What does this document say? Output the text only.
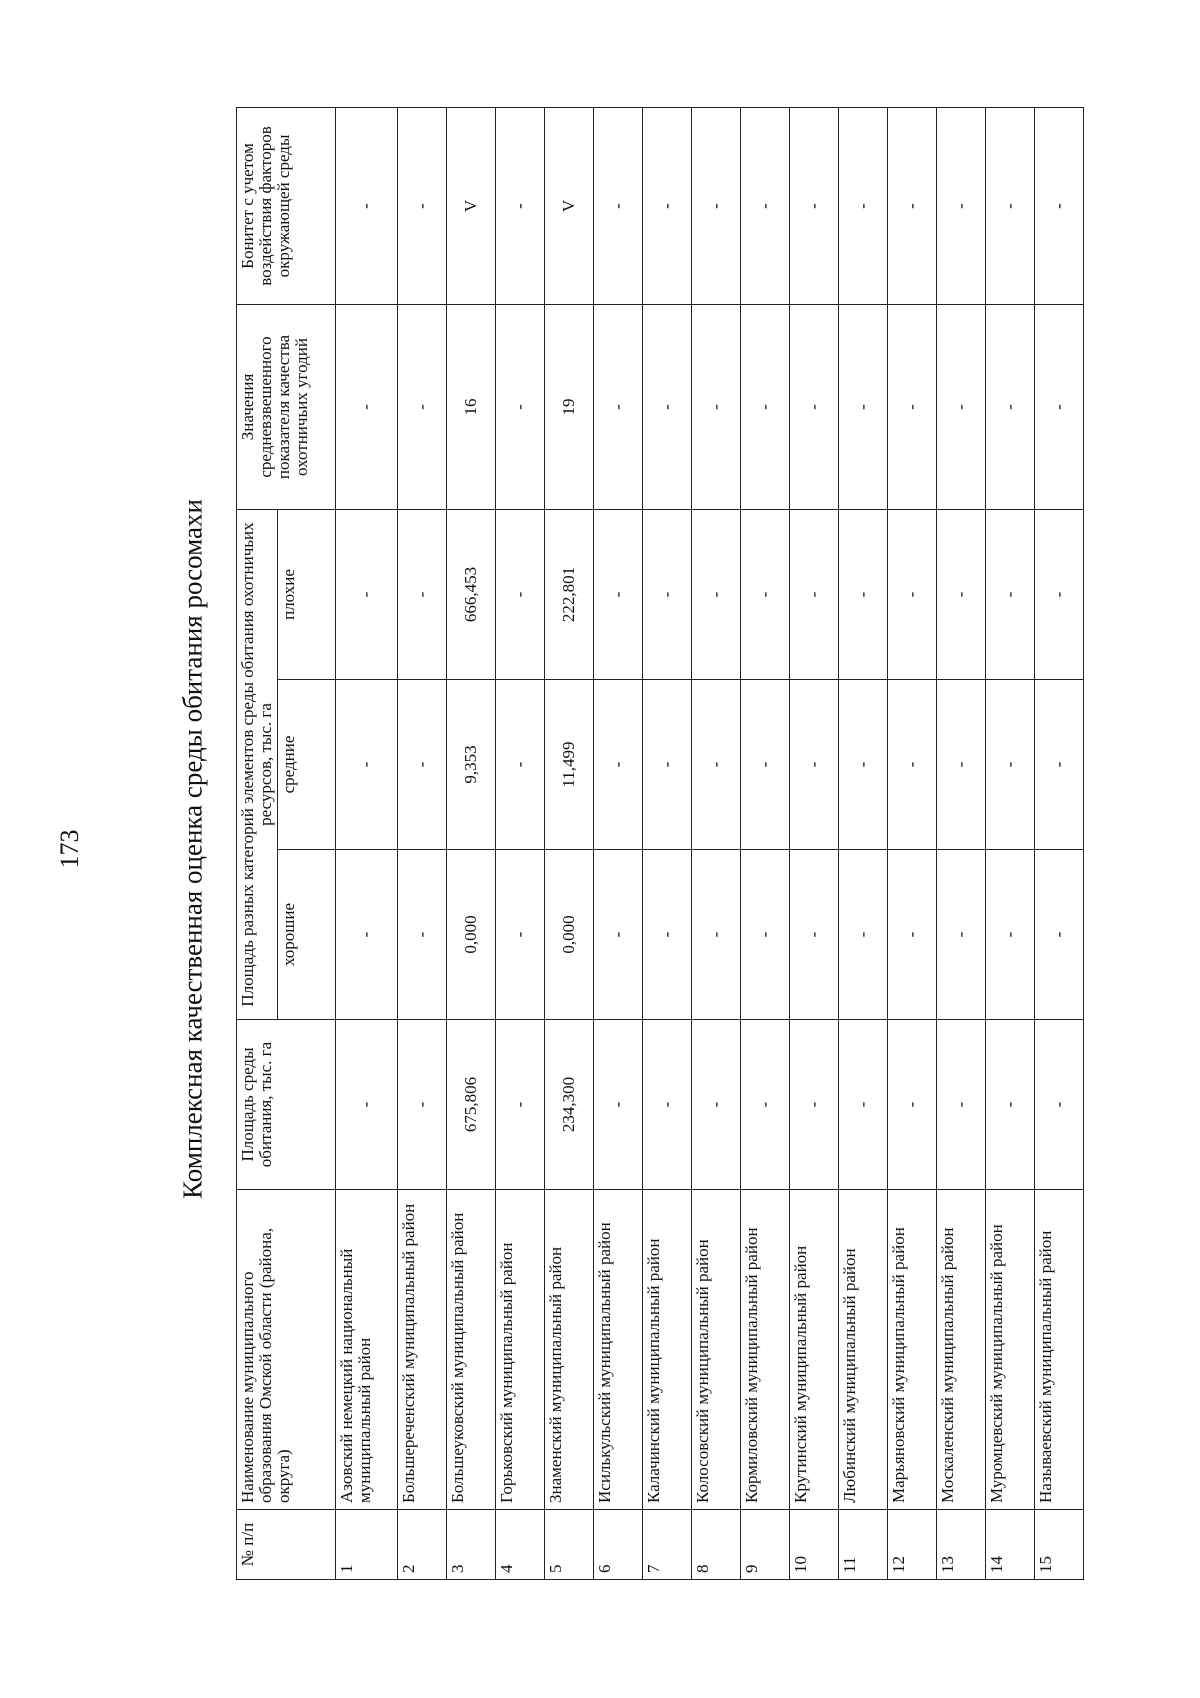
173	Комплексная качественная оценка среды обитания росомахи
№ п/п	Наименование муниципального образования Омской области (района, округа)	Площадь среды обитания, тыс. га	Площадь разных категорий элементов среды обитания охотничьих ресурсов, тыс. га			Значения средневзвешенного показателя качества охотничьих угодий	Бонитет с учетом воздействия факторов окружающей среды
			хорошие	средние	плохие		
1	Азовский немецкий национальный муниципальный район	-	-	-	-	-	-
2	Большереченский муниципальный район	-	-	-	-	-	-
3	Большеуковский муниципальный район	675,806	0,000	9,353	666,453	16	V
4	Горьковский муниципальный район	-	-	-	-	-	-
5	Знаменский муниципальный район	234,300	0,000	11,499	222,801	19	V
6	Исилькульский муниципальный район	-	-	-	-	-	-
7	Калачинский муниципальный район	-	-	-	-	-	-
8	Колосовский муниципальный район	-	-	-	-	-	-
9	Кормиловский муниципальный район	-	-	-	-	-	-
10	Крутинский муниципальный район	-	-	-	-	-	-
11	Любинский муниципальный район	-	-	-	-	-	-
12	Марьяновский муниципальный район	-	-	-	-	-	-
13	Москаленский муниципальный район	-	-	-	-	-	-
14	Муромцевский муниципальный район	-	-	-	-	-	-
15	Называевский муниципальный район	-	-	-	-	-	-
